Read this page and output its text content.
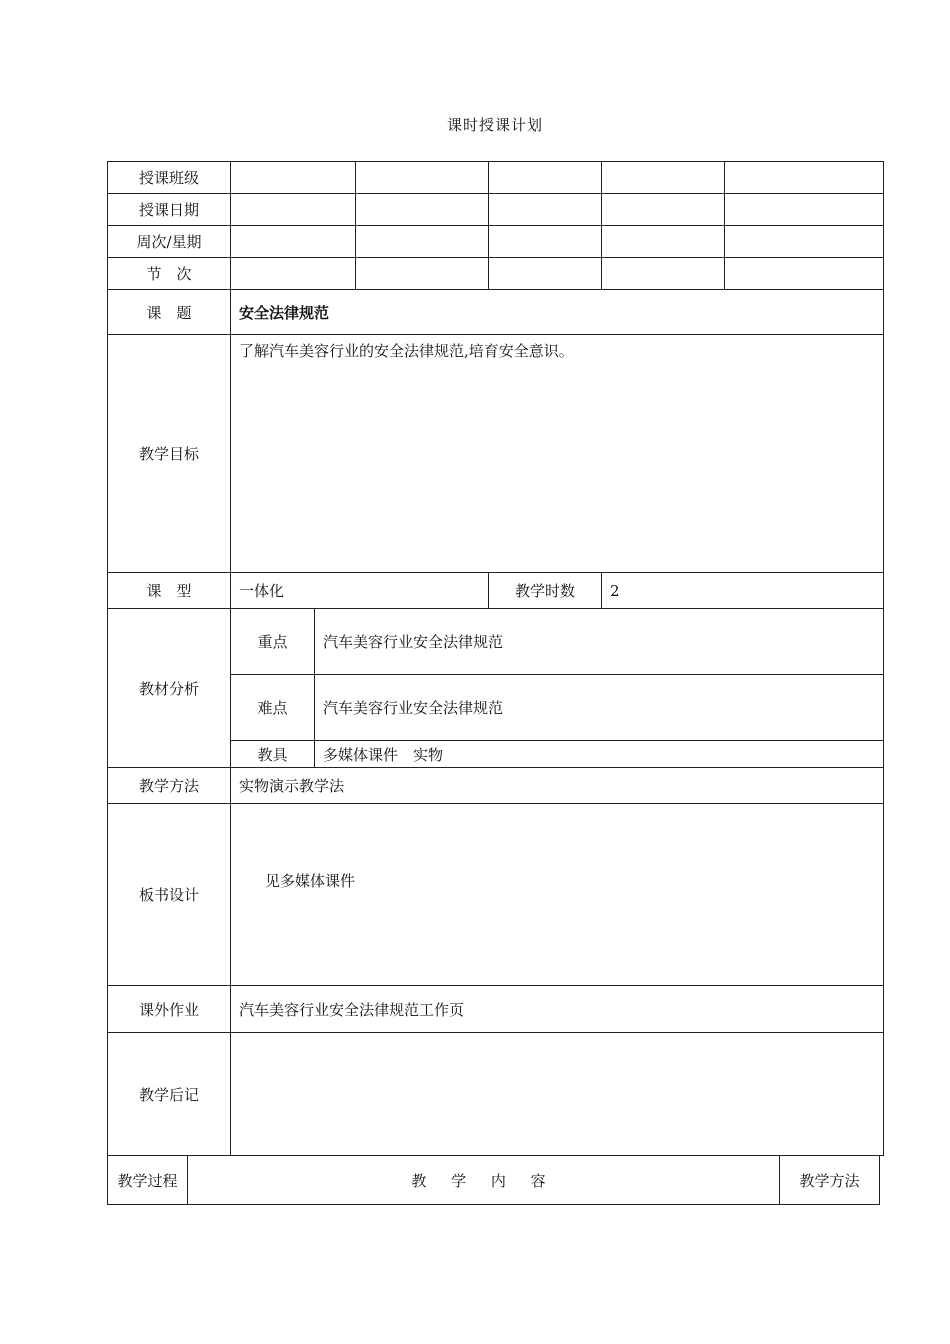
课时授课计划
授课班级						
授课日期						
周次/星期						
节　次						
课　题	安全法律规范					
教学目标	了解汽车美容行业的安全法律规范,培育安全意识。					
课　型	一体化			教学时数	2	
教材分析	重点	汽车美容行业安全法律规范				
	难点	汽车美容行业安全法律规范				
	教具	多媒体课件　实物				
教学方法	实物演示教学法					
板书设计	见多媒体课件					
课外作业	汽车美容行业安全法律规范工作页					
教学后记						
教学过程	教 学 内 容	教学方法
